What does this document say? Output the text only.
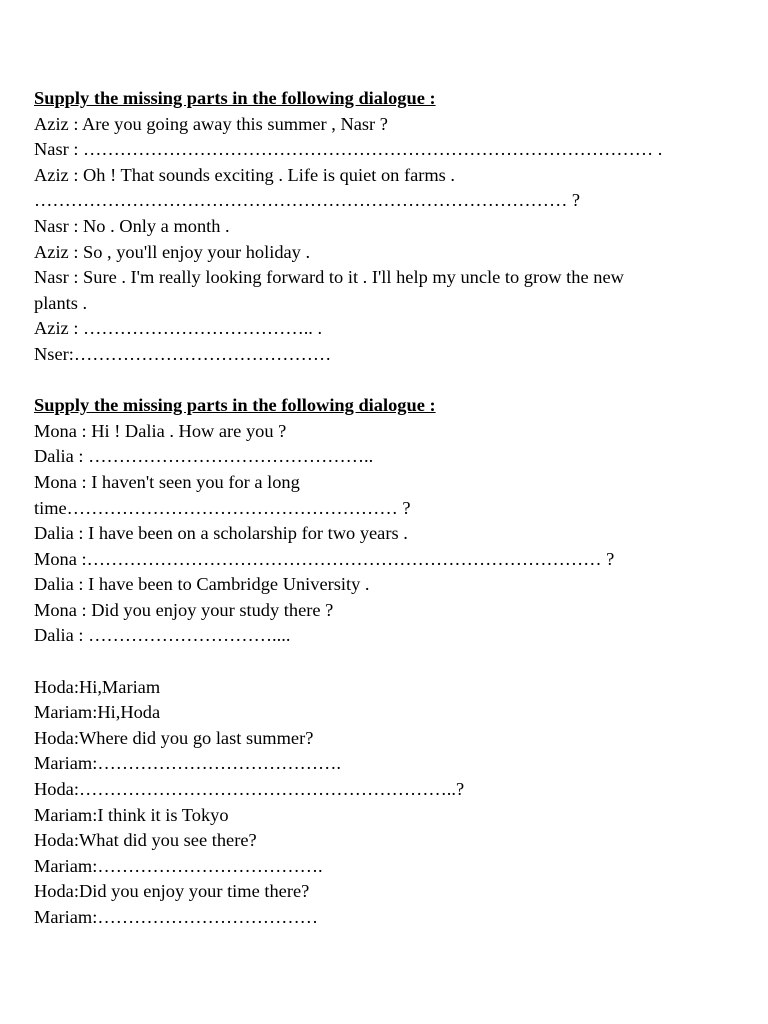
Supply the missing parts in the following dialogue :
Aziz : Are you going away this summer , Nasr ?
Nasr : ………………………………………………………………………………… .
Aziz : Oh ! That sounds exciting . Life is quiet on farms .
…………………………………………………………………………… ?
Nasr : No . Only a month .
Aziz : So , you'll enjoy your holiday .
Nasr : Sure . I'm really looking forward to it . I'll help my uncle to grow the new plants .
Aziz : ……………………………….. .
Nser:……………………………………
Supply the missing parts in the following dialogue :
Mona : Hi ! Dalia . How are you ?
Dalia : ………………………………………..
Mona : I haven't seen you for a long
time……………………………………………… ?
Dalia : I have been on a scholarship for two years .
Mona :………………………………………………………………………… ?
Dalia : I have been to Cambridge University .
Mona : Did you enjoy your study there ?
Dalia : …………………………....
Hoda:Hi,Mariam
Mariam:Hi,Hoda
Hoda:Where did you go last summer?
Mariam:………………………………….
Hoda:……………………………………………………..?
Mariam:I think it is Tokyo
Hoda:What did you see there?
Mariam:……………………………….
Hoda:Did you enjoy your time there?
Mariam:………………………………
